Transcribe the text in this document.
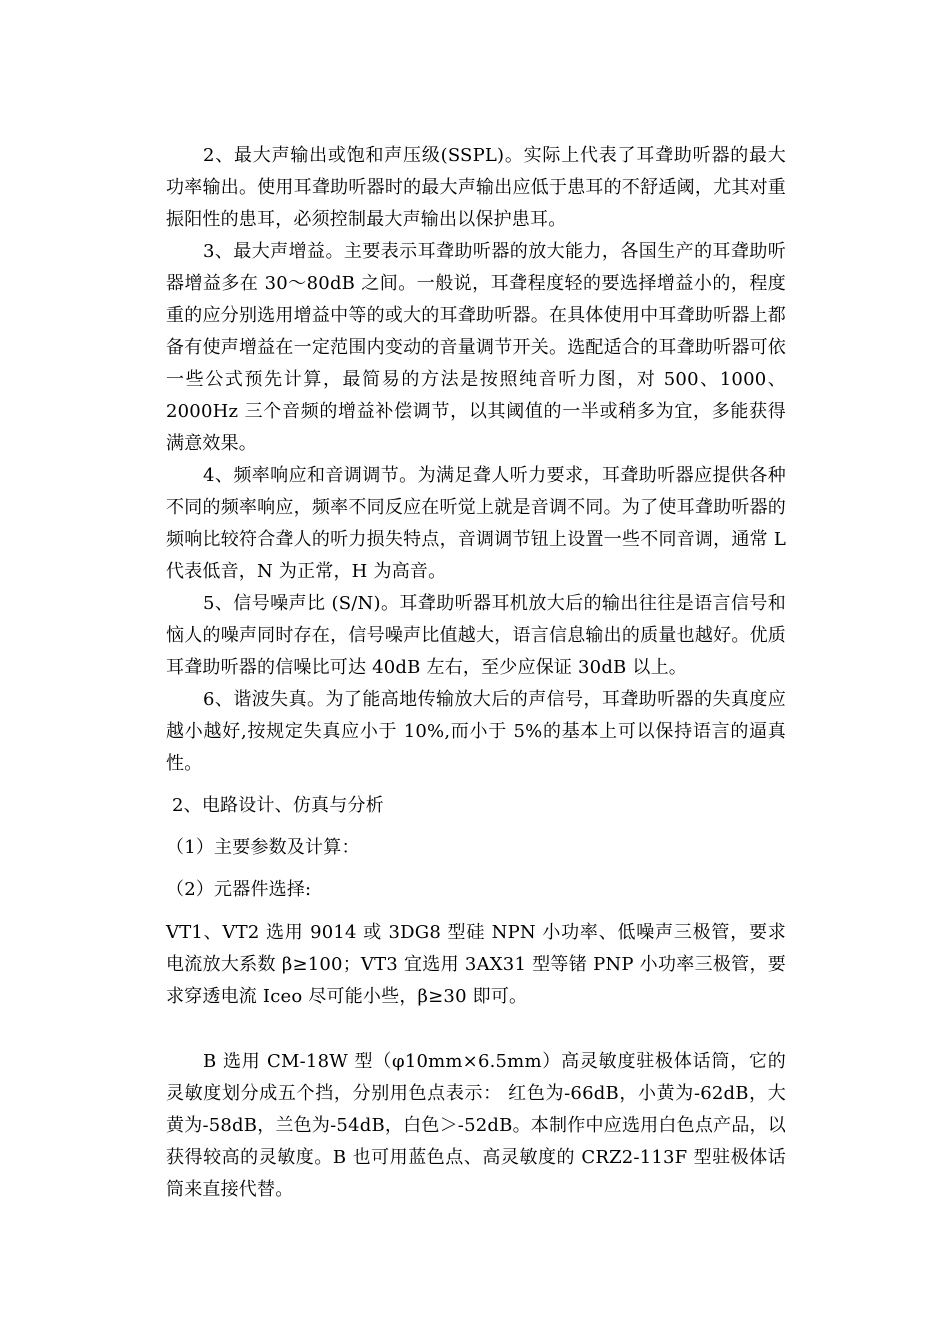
2、最大声输出或饱和声压级(SSPL)。实际上代表了耳聋助听器的最大功率输出。使用耳聋助听器时的最大声输出应低于患耳的不舒适阈，尤其对重振阳性的患耳，必须控制最大声输出以保护患耳。

3、最大声增益。主要表示耳聋助听器的放大能力，各国生产的耳聋助听器增益多在 30～80dB 之间。一般说，耳聋程度轻的要选择增益小的，程度重的应分别选用增益中等的或大的耳聋助听器。在具体使用中耳聋助听器上都备有使声增益在一定范围内变动的音量调节开关。选配适合的耳聋助听器可依一些公式预先计算，最简易的方法是按照纯音听力图，对 500、1000、2000Hz 三个音频的增益补偿调节，以其阈值的一半或稍多为宜，多能获得满意效果。

4、频率响应和音调调节。为满足聋人听力要求，耳聋助听器应提供各种不同的频率响应，频率不同反应在听觉上就是音调不同。为了使耳聋助听器的频响比较符合聋人的听力损失特点，音调调节钮上设置一些不同音调，通常 L 代表低音，N 为正常，H 为高音。

5、信号噪声比 (S/N)。耳聋助听器耳机放大后的输出往往是语言信号和恼人的噪声同时存在，信号噪声比值越大，语言信息输出的质量也越好。优质耳聋助听器的信噪比可达 40dB 左右，至少应保证 30dB 以上。

6、谐波失真。为了能高地传输放大后的声信号，耳聋助听器的失真度应越小越好,按规定失真应小于 10%,而小于 5%的基本上可以保持语言的逼真性。

2、电路设计、仿真与分析

（1）主要参数及计算：

（2）元器件选择:

VT1、VT2 选用 9014 或 3DG8 型硅 NPN 小功率、低噪声三极管，要求电流放大系数 β≥100；VT3 宜选用 3AX31 型等锗 PNP 小功率三极管，要求穿透电流 Iceo 尽可能小些，β≥30 即可。

B 选用 CM-18W 型（φ10mm×6.5mm）高灵敏度驻极体话筒，它的灵敏度划分成五个挡，分别用色点表示： 红色为-66dB，小黄为-62dB，大黄为-58dB，兰色为-54dB，白色＞-52dB。本制作中应选用白色点产品，以获得较高的灵敏度。B 也可用蓝色点、高灵敏度的 CRZ2-113F 型驻极体话筒来直接代替。
